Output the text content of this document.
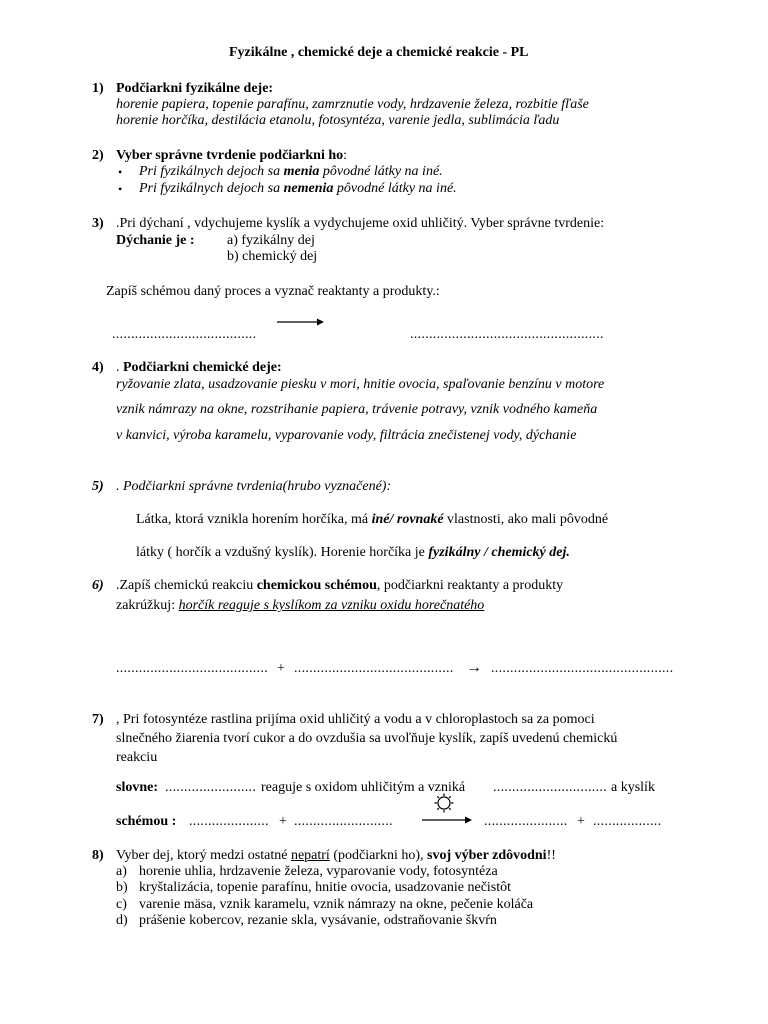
Fyzikálne , chemické deje a chemické reakcie - PL
1) Podčiarkni fyzikálne deje:
horenie papiera, topenie parafínu, zamrznutie vody, hrdzavenie železa, rozbitie fľaše
horenie horčíka, destilácia etanolu, fotosyntéza, varenie jedla, sublimácia ľadu
2) Vyber správne tvrdenie podčiarkni ho:
• Pri fyzikálnych dejoch sa menia pôvodné látky na iné.
• Pri fyzikálnych dejoch sa nemenia pôvodné látky na iné.
3) .Pri dýchaní , vdychujeme kyslík a vydychujeme oxid uhličitý. Vyber správne tvrdenie:
Dýchanie je : a) fyzikálny dej
b) chemický dej
Zapíš schémou daný proces a vyznač reaktanty a produkty.:
......................................	...................................................
4) . Podčiarkni chemické deje:
ryžovanie zlata, usadzovanie piesku v mori, hnitie ovocia, spaľovanie benzínu v motore
vznik námrazy na okne, rozstrihanie papiera, trávenie potravy, vznik vodného kameňa
v kanvici, výroba karamelu, vyparovanie vody, filtrácia znečistenej vody, dýchanie
5) . Podčiarkni správne tvrdenia(hrubo vyznačené):
Látka, ktorá vznikla horením horčíka, má iné/ rovnaké vlastnosti, ako mali pôvodné
látky ( horčík a vzdušný kyslík). Horenie horčíka je fyzikálny / chemický dej.
6) .Zapíš chemickú reakciu chemickou schémou, podčiarkni reaktanty a produkty
zakrúžkuj: horčík reaguje s kyslíkom za vzniku oxidu horečnatého
........................................ + .......................................... → ................................................
7) , Pri fotosyntéze rastlina prijíma oxid uhličitý a vodu a v chloroplastoch sa za pomoci
slnečného žiarenia tvorí cukor a do ovzdušia sa uvoľňuje kyslík, zapíš uvedenú chemickú
reakciu
slovne: ........................ reaguje s oxidom uhličitým a vzniká .............................. a kyslík
schémou : ..................... + ..........................	...................... + ..................
8) Vyber dej, ktorý medzi ostatné nepatrí (podčiarkni ho), svoj výber zdôvodni!!
a) horenie uhlia, hrdzavenie železa, vyparovanie vody, fotosyntéza
b) kryštalizácia, topenie parafínu, hnitie ovocia, usadzovanie nečistôt
c) varenie mäsa, vznik karamelu, vznik námrazy na okne, pečenie koláča
d) prášenie kobercov, rezanie skla, vysávanie, odstraňovanie škvŕn
